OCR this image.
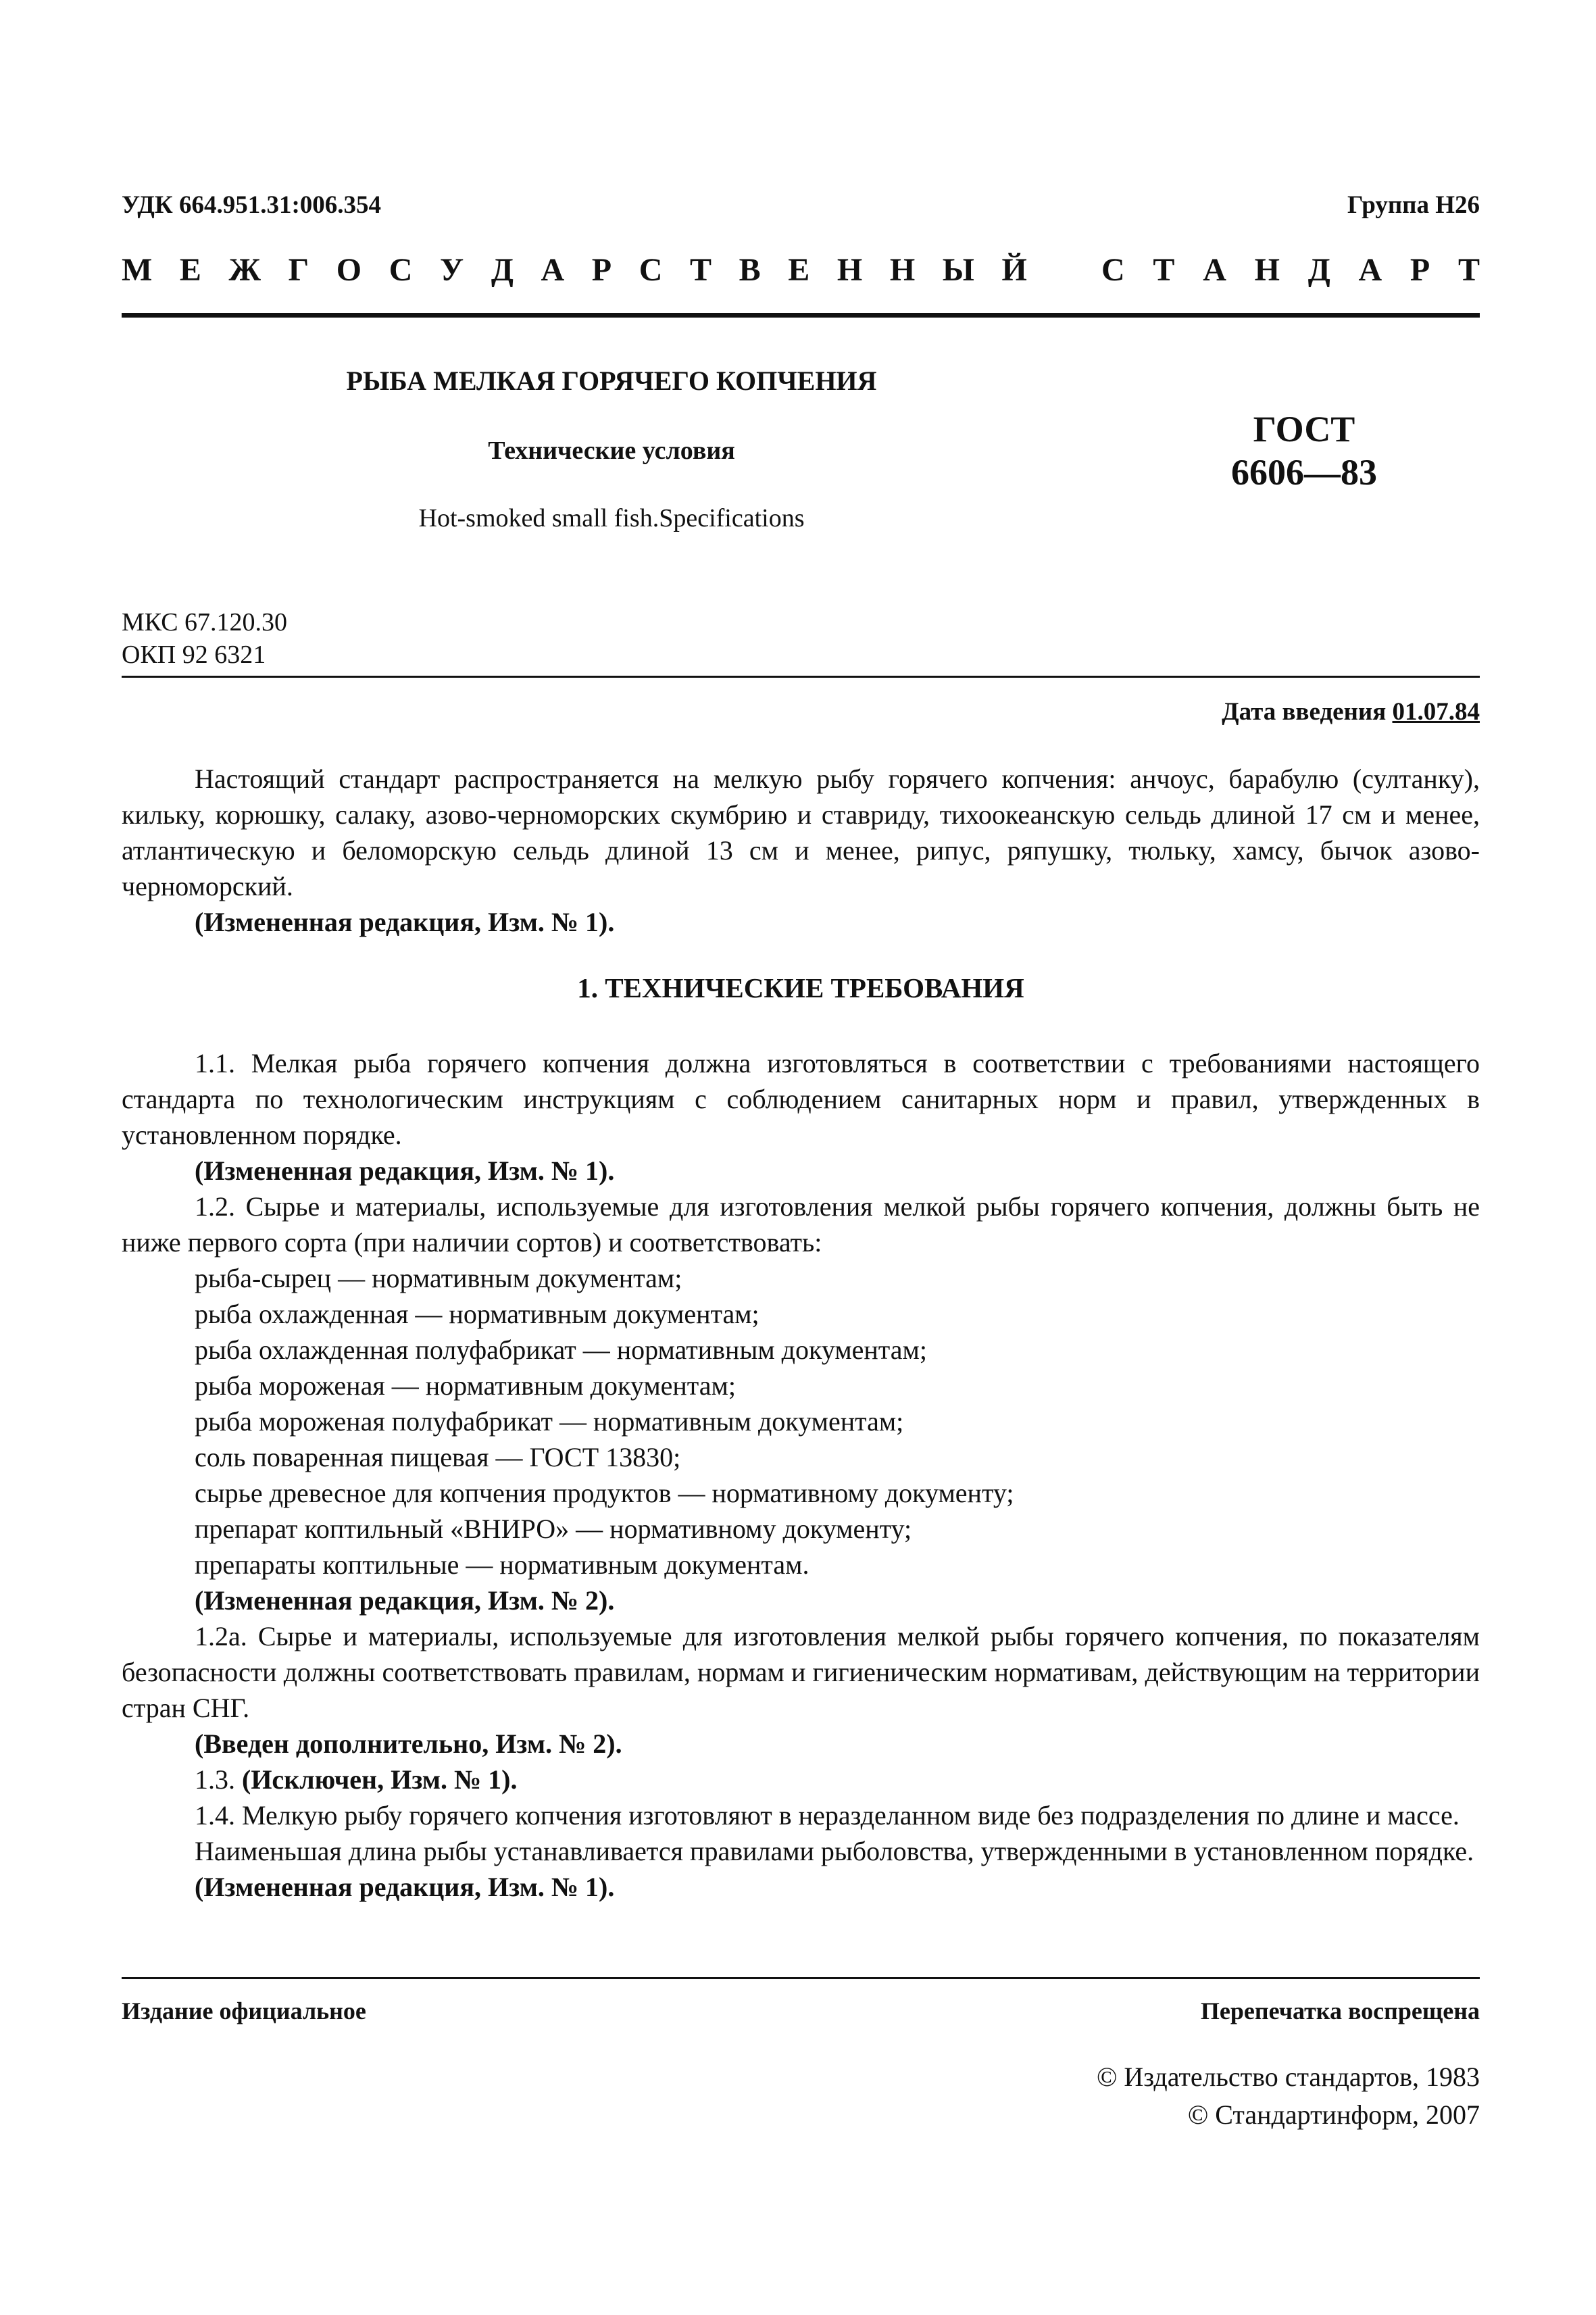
УДК 664.951.31:006.354	Группа Н26
М Е Ж Г О С У Д А Р С Т В Е Н Н Ы Й С Т А Н Д А Р Т
РЫБА МЕЛКАЯ ГОРЯЧЕГО КОПЧЕНИЯ
Технические условия
Hot-smoked small fish.Specifications
ГОСТ
6606—83
МКС 67.120.30
ОКП 92 6321
Дата введения 01.07.84

Настоящий стандарт распространяется на мелкую рыбу горячего копчения: анчоус, барабулю (султанку), кильку, корюшку, салаку, азово-черноморских скумбрию и ставриду, тихоокеанскую сельдь длиной 17 см и менее, атлантическую и беломорскую сельдь длиной 13 см и менее, рипус, ряпушку, тюльку, хамсу, бычок азово-черноморский.

(Измененная редакция, Изм. № 1).

1. ТЕХНИЧЕСКИЕ ТРЕБОВАНИЯ

1.1. Мелкая рыба горячего копчения должна изготовляться в соответствии с требованиями настоящего стандарта по технологическим инструкциям с соблюдением санитарных норм и правил, утвержденных в установленном порядке.

(Измененная редакция, Изм. № 1).

1.2. Сырье и материалы, используемые для изготовления мелкой рыбы горячего копчения, должны быть не ниже первого сорта (при наличии сортов) и соответствовать:

рыба-сырец — нормативным документам;

рыба охлажденная — нормативным документам;

рыба охлажденная полуфабрикат — нормативным документам;

рыба мороженая — нормативным документам;

рыба мороженая полуфабрикат — нормативным документам;

соль поваренная пищевая — ГОСТ 13830;

сырье древесное для копчения продуктов — нормативному документу;

препарат коптильный «ВНИРО» — нормативному документу;

препараты коптильные — нормативным документам.

(Измененная редакция, Изм. № 2).

1.2а. Сырье и материалы, используемые для изготовления мелкой рыбы горячего копчения, по показателям безопасности должны соответствовать правилам, нормам и гигиеническим нормативам, действующим на территории стран СНГ.

(Введен дополнительно, Изм. № 2).

1.3. (Исключен, Изм. № 1).

1.4. Мелкую рыбу горячего копчения изготовляют в неразделанном виде без подразделения по длине и массе.

Наименьшая длина рыбы устанавливается правилами рыболовства, утвержденными в установленном порядке.

(Измененная редакция, Изм. № 1).

Издание официальное	Перепечатка воспрещена
© Издательство стандартов, 1983
© Стандартинформ, 2007
